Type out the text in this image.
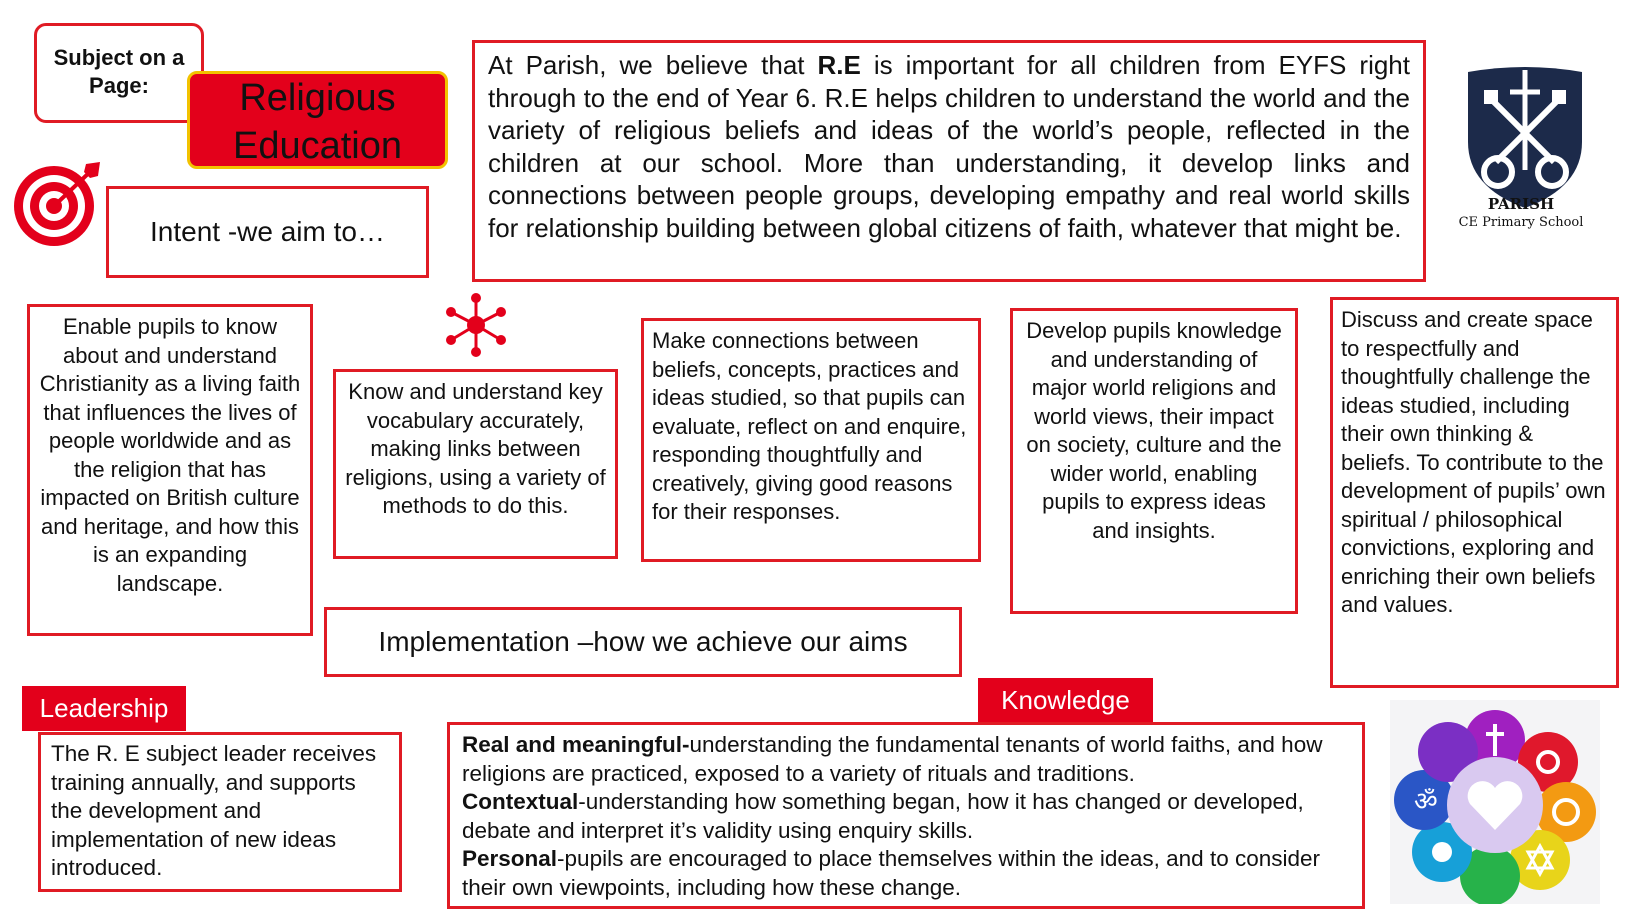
Subject on a Page:	Religious Education
Intent -we aim to…

At Parish, we believe that R.E is important for all children from EYFS right through to the end of Year 6. R.E helps children to understand the world and the variety of religious beliefs and ideas of the world’s people, reflected in the children at our school. More than understanding, it develop links and connections between people groups, developing empathy and real world skills for relationship building between global citizens of faith, whatever that might be.

PARISH
CE Primary School
Enable pupils to know about and understand Christianity as a living faith that influences the lives of people worldwide and as the religion that has impacted on British culture and heritage, and how this is an expanding landscape.
Know and understand key vocabulary accurately, making links between religions, using a variety of methods to do this.
Make connections between beliefs, concepts, practices and ideas studied, so that pupils can evaluate, reflect on and enquire, responding thoughtfully and creatively, giving good reasons for their responses.
Develop pupils knowledge and understanding of major world religions and world views, their impact on society, culture and the wider world, enabling pupils to express ideas and insights.
Discuss and create space to respectfully and thoughtfully challenge the ideas studied, including their own thinking & beliefs. To contribute to the development of pupils’ own spiritual / philosophical convictions, exploring and enriching their own beliefs and values.
Implementation –how we achieve our aims
Leadership
The R. E subject leader receives training annually, and supports the development and implementation of new ideas introduced.
Knowledge
Real and meaningful-understanding the fundamental tenants of world faiths, and how religions are practiced, exposed to a variety of rituals and traditions.
Contextual-understanding how something began, how it has changed or developed, debate and interpret it’s validity using enquiry skills.
Personal-pupils are encouraged to place themselves within the ideas, and to consider their own viewpoints, including how these change.
ॐ
